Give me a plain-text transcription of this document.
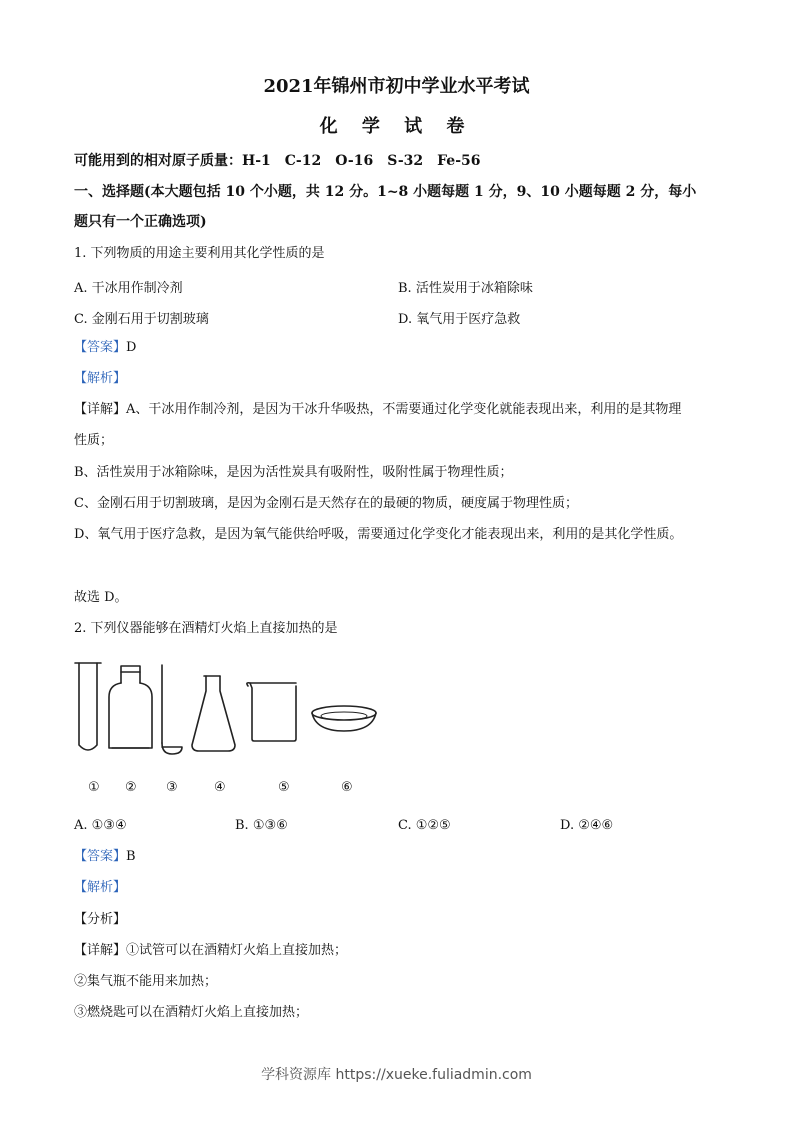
2021年锦州市初中学业水平考试
化 学 试 卷
可能用到的相对原子质量：H-1　C-12　O-16　S-32　Fe-56
一、选择题(本大题包括 10 个小题，共 12 分。1~8 小题每题 1 分，9、10 小题每题 2 分，每小
题只有一个正确选项)
1. 下列物质的用途主要利用其化学性质的是
A. 干冰用作制冷剂	B. 活性炭用于冰箱除味
C. 金刚石用于切割玻璃	D. 氧气用于医疗急救
【答案】D
【解析】
【详解】A、干冰用作制冷剂，是因为干冰升华吸热，不需要通过化学变化就能表现出来，利用的是其物理
性质；
B、活性炭用于冰箱除味，是因为活性炭具有吸附性，吸附性属于物理性质；
C、金刚石用于切割玻璃，是因为金刚石是天然存在的最硬的物质，硬度属于物理性质；
D、氧气用于医疗急救，是因为氧气能供给呼吸，需要通过化学变化才能表现出来，利用的是其化学性质。
故选 D。
2. 下列仪器能够在酒精灯火焰上直接加热的是
① ② ③	④	⑤	⑥
A. ①③④	B. ①③⑥	C. ①②⑤	D. ②④⑥
【答案】B
【解析】
【分析】
【详解】①试管可以在酒精灯火焰上直接加热；
②集气瓶不能用来加热；
③燃烧匙可以在酒精灯火焰上直接加热；
学科资源库 https://xueke.fuliadmin.com
